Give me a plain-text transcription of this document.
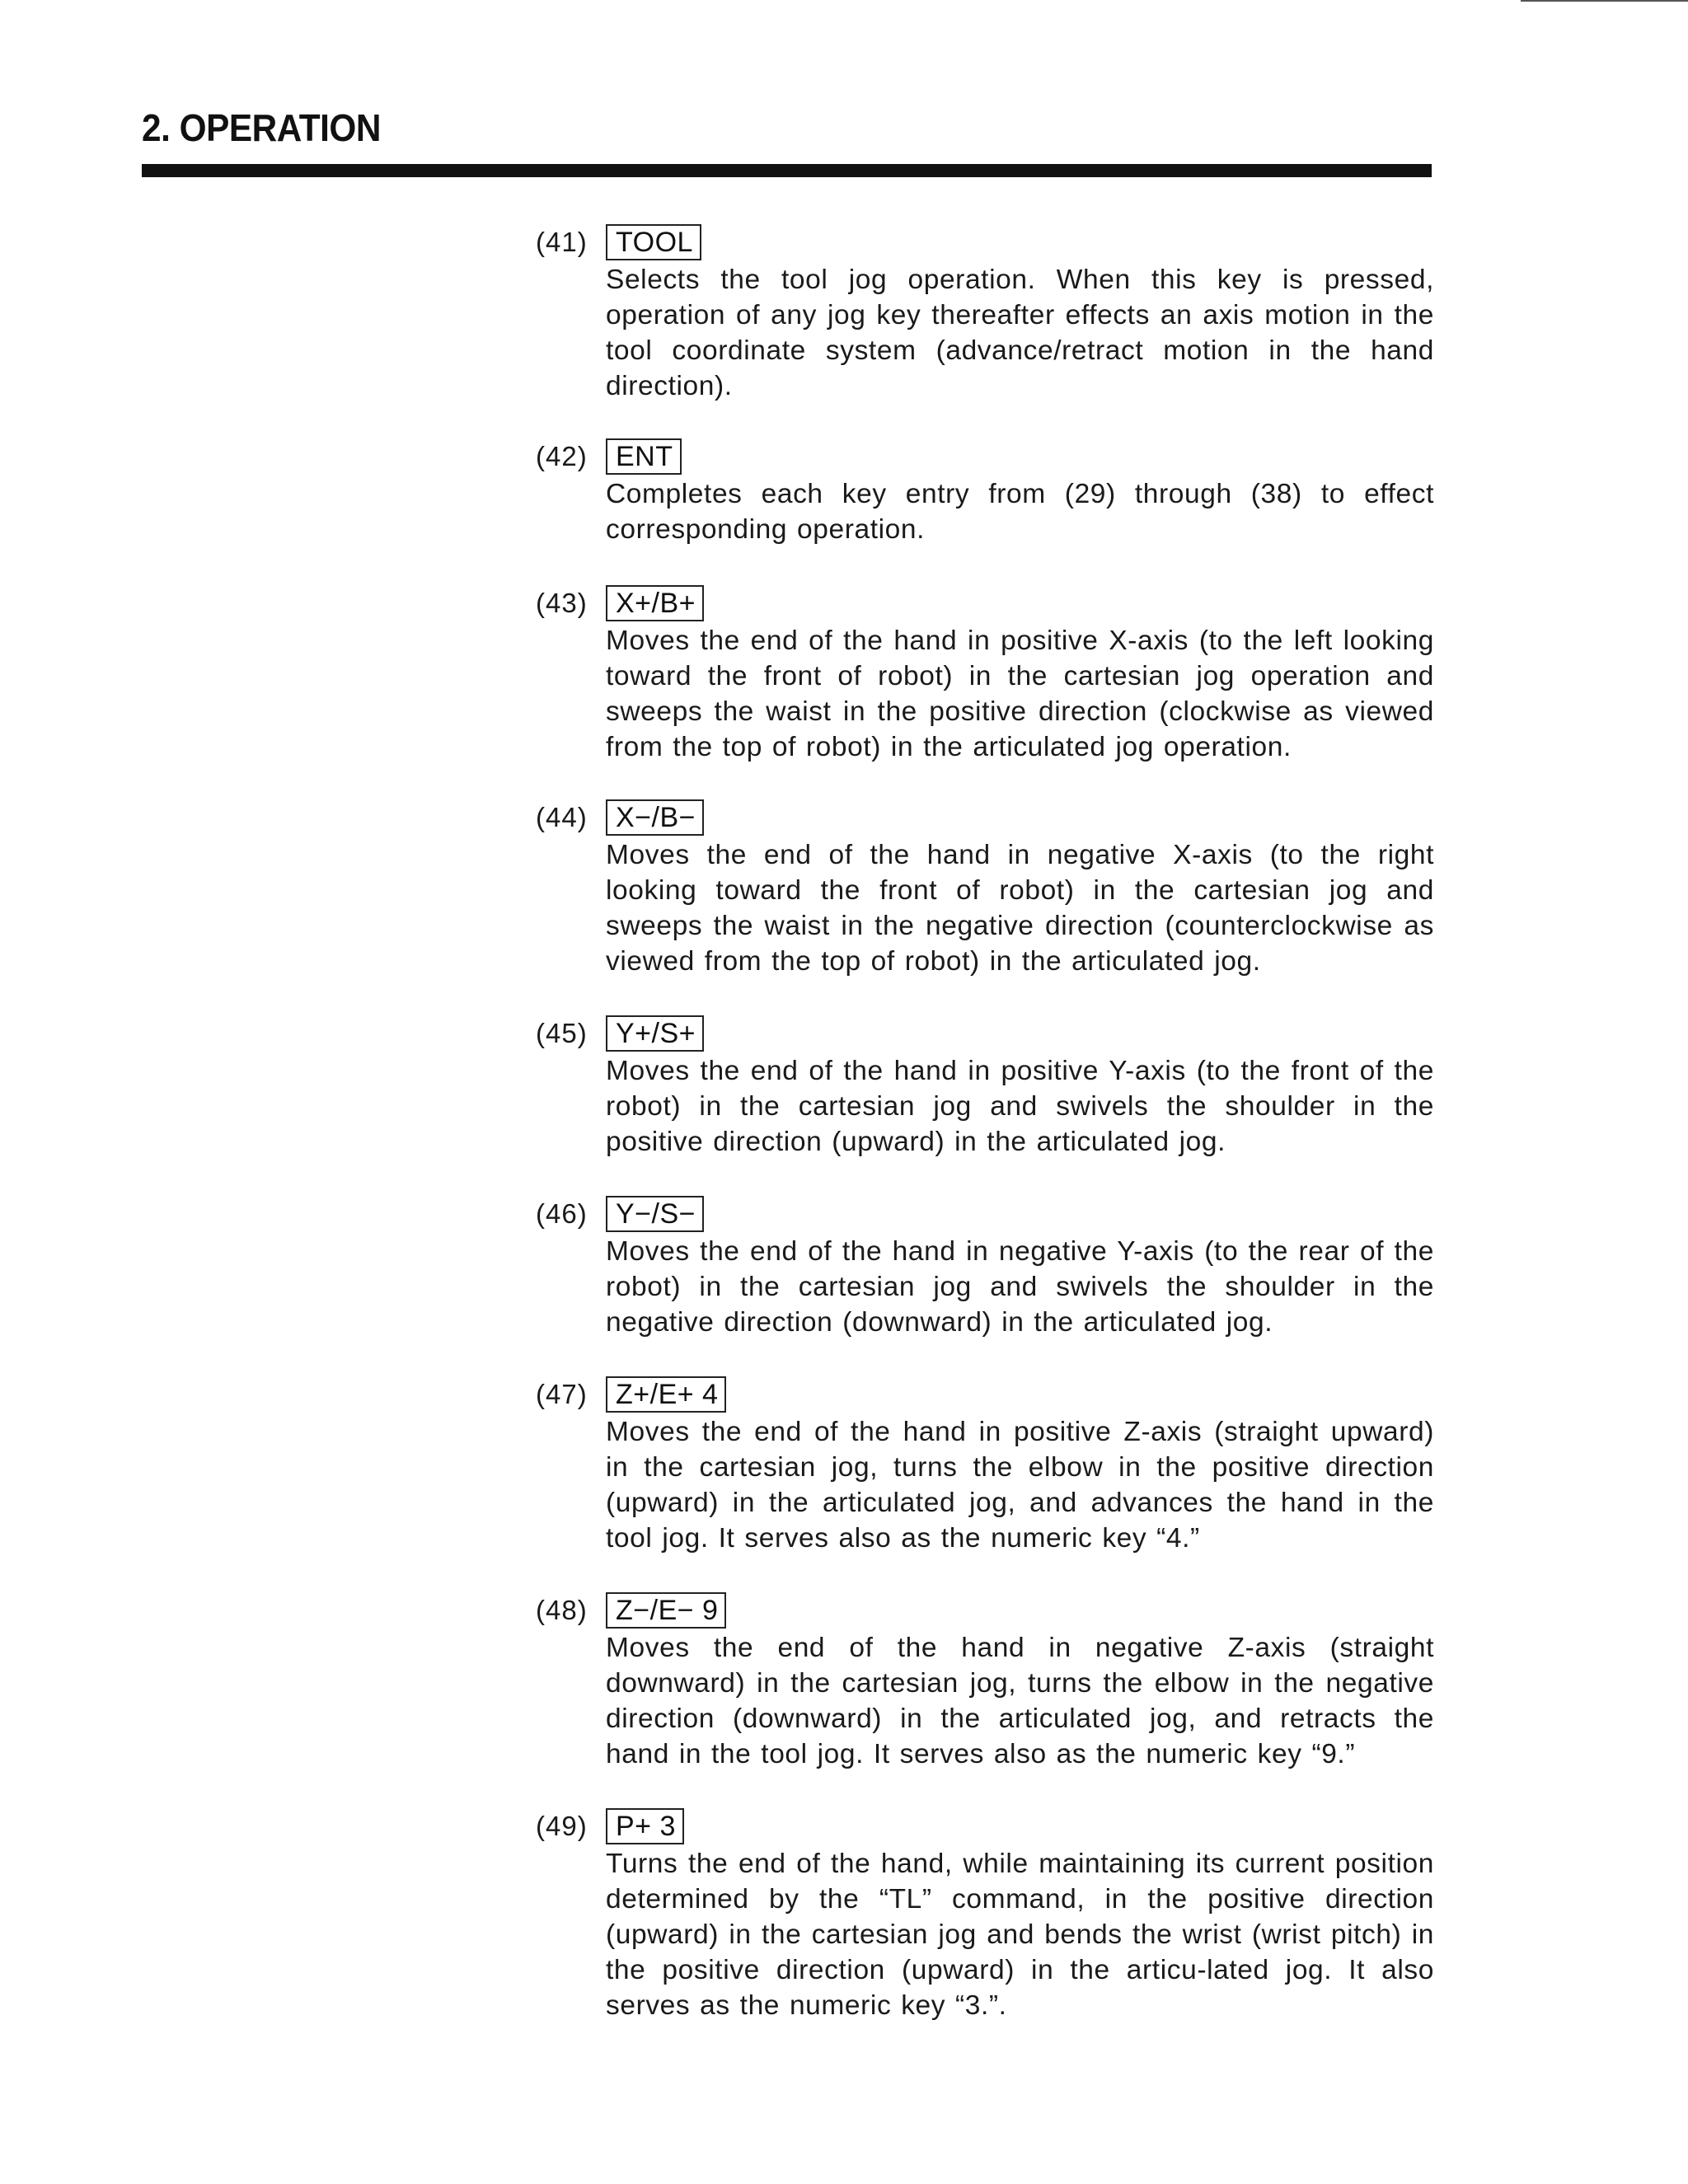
2. OPERATION
(41)	TOOL
Selects the tool jog operation. When this key is pressed, operation of any jog key thereafter effects an axis motion in the tool coordinate system (advance/retract motion in the hand direction).
(42)	ENT
Completes each key entry from (29) through (38) to effect corresponding operation.
(43)	X+/B+
Moves the end of the hand in positive X-axis (to the left looking toward the front of robot) in the cartesian jog operation and sweeps the waist in the positive direction (clockwise as viewed from the top of robot) in the articulated jog operation.
(44)	X−/B−
Moves the end of the hand in negative X-axis (to the right looking toward the front of robot) in the cartesian jog and sweeps the waist in the negative direction (counterclockwise as viewed from the top of robot) in the articulated jog.
(45)	Y+/S+
Moves the end of the hand in positive Y-axis (to the front of the robot) in the cartesian jog and swivels the shoulder in the positive direction (upward) in the articulated jog.
(46)	Y−/S−
Moves the end of the hand in negative Y-axis (to the rear of the robot) in the cartesian jog and swivels the shoulder in the negative direction (downward) in the articulated jog.
(47)	Z+/E+ 4
Moves the end of the hand in positive Z-axis (straight upward) in the cartesian jog, turns the elbow in the positive direction (upward) in the articulated jog, and advances the hand in the tool jog. It serves also as the numeric key “4.”
(48)	Z−/E− 9
Moves the end of the hand in negative Z-axis (straight downward) in the cartesian jog, turns the elbow in the negative direction (downward) in the articulated jog, and retracts the hand in the tool jog. It serves also as the numeric key “9.”
(49)	P+ 3
Turns the end of the hand, while maintaining its current position determined by the “TL” command, in the positive direction (upward) in the cartesian jog and bends the wrist (wrist pitch) in the positive direction (upward) in the articu-lated jog. It also serves as the numeric key “3.”.
